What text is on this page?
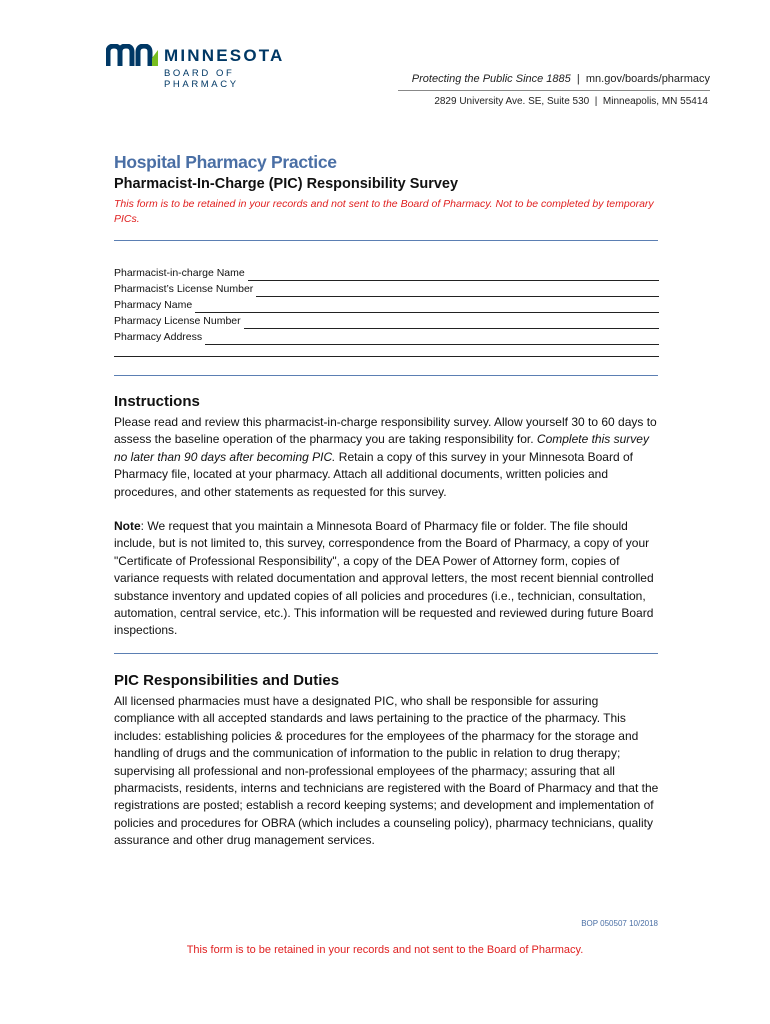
MINNESOTA
BOARD OF PHARMACY	Protecting the Public Since 1885  |  mn.gov/boards/pharmacy
2829 University Ave. SE, Suite 530  |  Minneapolis, MN 55414
Hospital Pharmacy Practice
Pharmacist-In-Charge (PIC) Responsibility Survey
This form is to be retained in your records and not sent to the Board of Pharmacy. Not to be completed by temporary PICs.
Pharmacist-in-charge Name
Pharmacist’s License Number
Pharmacy Name
Pharmacy License Number
Pharmacy Address
Instructions
Please read and review this pharmacist-in-charge responsibility survey. Allow yourself 30 to 60 days to assess the baseline operation of the pharmacy you are taking responsibility for. Complete this survey no later than 90 days after becoming PIC. Retain a copy of this survey in your Minnesota Board of Pharmacy file, located at your pharmacy. Attach all additional documents, written policies and procedures, and other statements as requested for this survey.
Note: We request that you maintain a Minnesota Board of Pharmacy file or folder. The file should include, but is not limited to, this survey, correspondence from the Board of Pharmacy, a copy of your "Certificate of Professional Responsibility", a copy of the DEA Power of Attorney form, copies of variance requests with related documentation and approval letters, the most recent biennial controlled substance inventory and updated copies of all policies and procedures (i.e., technician, consultation, automation, central service, etc.). This information will be requested and reviewed during future Board inspections.
PIC Responsibilities and Duties
All licensed pharmacies must have a designated PIC, who shall be responsible for assuring compliance with all accepted standards and laws pertaining to the practice of the pharmacy. This includes: establishing policies & procedures for the employees of the pharmacy for the storage and handling of drugs and the communication of information to the public in relation to drug therapy; supervising all professional and non-professional employees of the pharmacy; assuring that all pharmacists, residents, interns and technicians are registered with the Board of Pharmacy and that the registrations are posted; establish a record keeping systems; and development and implementation of policies and procedures for OBRA (which includes a counseling policy), pharmacy technicians, quality assurance and other drug management services.
BOP 050507 10/2018
This form is to be retained in your records and not sent to the Board of Pharmacy.
